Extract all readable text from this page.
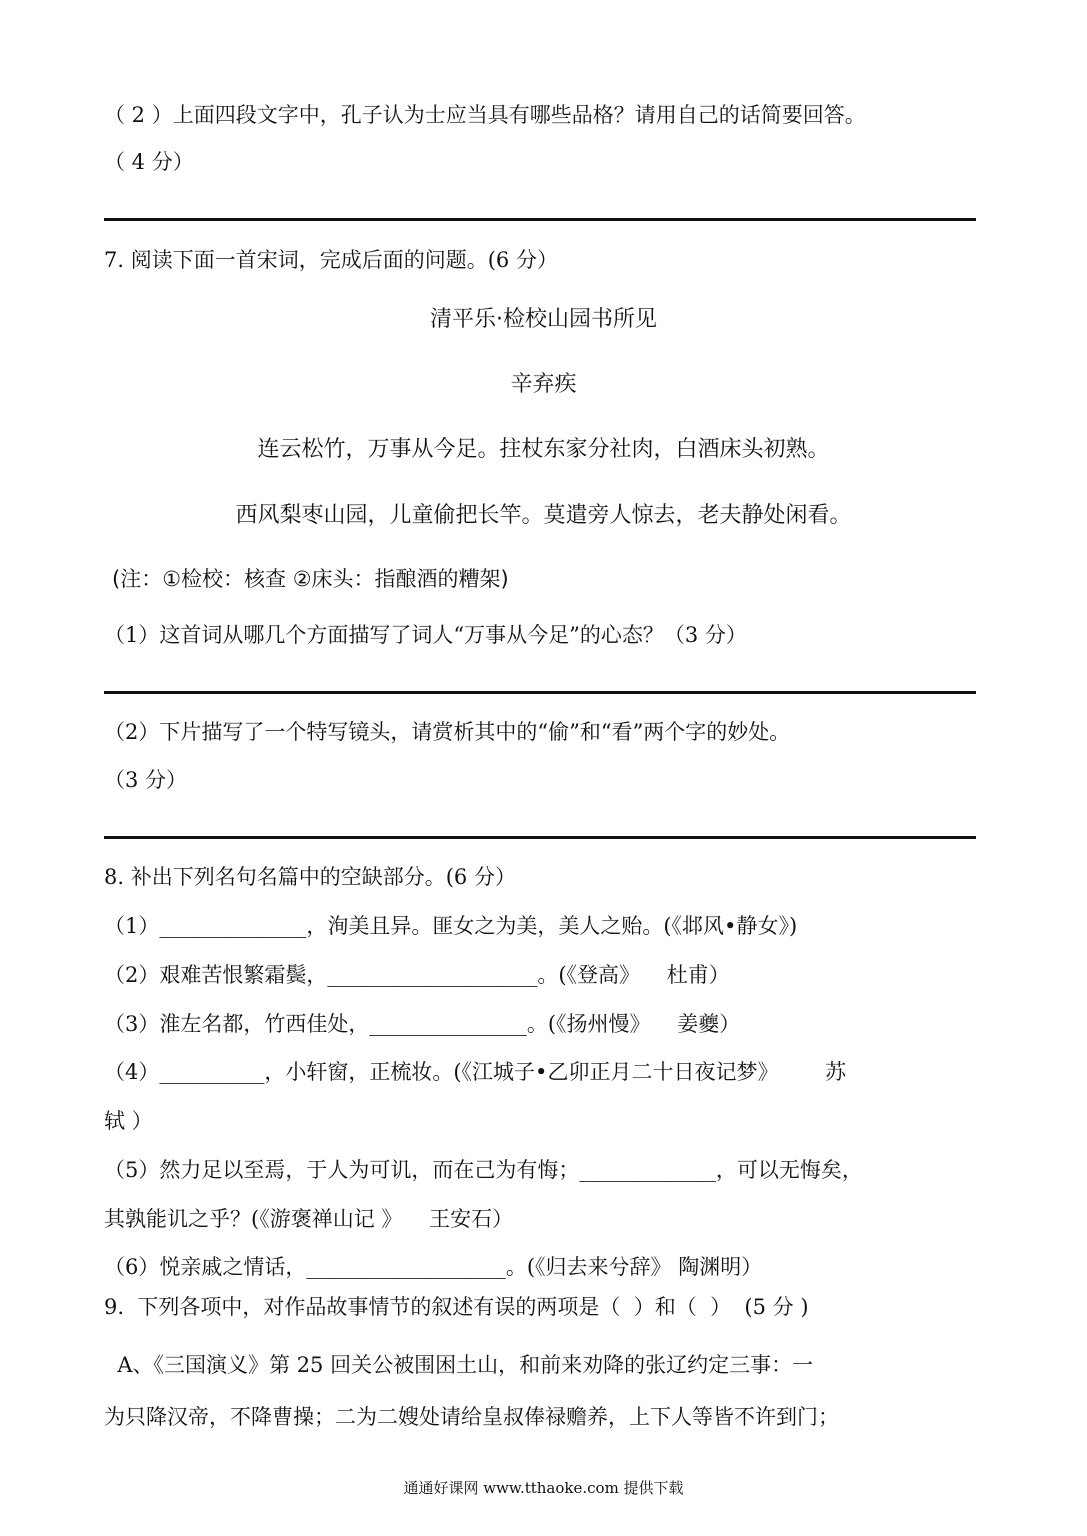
（ 2 ）上面四段文字中，孔子认为士应当具有哪些品格？请用自己的话简要回答。
（ 4 分）
7. 阅读下面一首宋词，完成后面的问题。(6 分）
清平乐·检校山园书所见
辛弃疾
连云松竹，万事从今足。拄杖东家分社肉，白酒床头初熟。
西风梨枣山园，儿童偷把长竿。莫遣旁人惊去，老夫静处闲看。
(注：①检校：核查 ②床头：指酿酒的糟架)
（1）这首词从哪几个方面描写了词人“万事从今足”的心态？（3 分）
（2）下片描写了一个特写镜头，请赏析其中的“偷”和“看”两个字的妙处。
（3 分）
8. 补出下列名句名篇中的空缺部分。(6 分）
（1）______________，洵美且异。匪女之为美，美人之贻。(《邶风•静女》)
（2）艰难苦恨繁霜鬓，____________________。(《登高》    杜甫）
（3）淮左名都，竹西佳处，_______________。(《扬州慢》    姜夔）
（4）__________，小轩窗，正梳妆。(《江城子•乙卯正月二十日夜记梦》       苏
轼 ）
（5）然力足以至焉，于人为可讥，而在己为有悔；_____________，可以无悔矣，
其孰能讥之乎？(《游褒禅山记 》    王安石）
（6）悦亲戚之情话，___________________。(《归去来兮辞》 陶渊明）
9.  下列各项中，对作品故事情节的叙述有误的两项是（  ）和（  ）  (5 分 )
A、《三国演义》第 25 回关公被围困土山，和前来劝降的张辽约定三事：一
为只降汉帝，不降曹操；二为二嫂处请给皇叔俸禄赡养，上下人等皆不许到门；
通通好课网 www.tthaoke.com 提供下载
